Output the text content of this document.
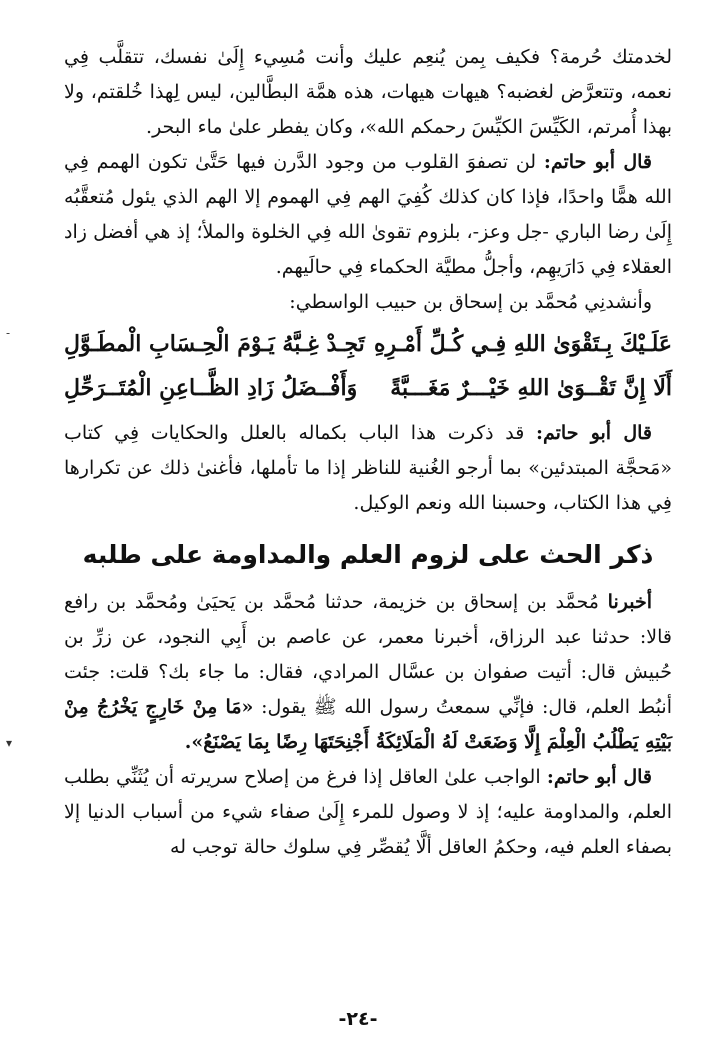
لخدمتك حُرمة؟ فكيف بِمن يُنعِم عليك وأنت مُسِيء إِلَىٰ نفسك، تتقلَّب فِي نعمه، وتتعرَّض لغضبه؟ هيهات هيهات، هذه همَّة البطَّالين، ليس لِهذا خُلقتم، ولا بهذا أُمرتم، الكَيِّسَ الكيِّسَ رحمكم الله»، وكان يفطر علىٰ ماء البحر.

قال أبو حاتم: لن تصفوَ القلوب من وجود الدَّرن فيها حَتَّىٰ تكون الهمم فِي الله همًّا واحدًا، فإذا كان كذلك كُفِيَ الهم فِي الهموم إلا الهم الذي يئول مُتعقَّبُه إِلَىٰ رضا الباري -جل وعز-، بلزوم تقوىٰ الله فِي الخلوة والملأ؛ إذ هي أفضل زاد العقلاء فِي دَارَيهِم، وأجلُّ مطيَّة الحكماء فِي حالَيهم.

وأنشدنِي مُحمَّد بن إسحاق بن حبيب الواسطي:

عَلَـيْكَ بِـتَقْوَىٰ اللهِ فِـي كُـلِّ أَمْـرِهِ
تَجِـدْ غِـبَّهُ يَـوْمَ الْحِـسَابِ الْمطَـوَّلِ
أَلَا إِنَّ تَقْــوَىٰ اللهِ خَيْـــرٌ مَغَـــبَّةً
وَأَفْــضَلُ زَادِ الظَّــاعِنِ الْمُتَــرَحِّلِ

قال أبو حاتم: قد ذكرت هذا الباب بكماله بالعلل والحكايات فِي كتاب «مَحجَّة المبتدئين» بما أرجو الغُنية للناظر إذا ما تأملها، فأغنىٰ ذلك عن تكرارها فِي هذا الكتاب، وحسبنا الله ونعم الوكيل.

ذكر الحث على لزوم العلم والمداومة على طلبه

أخبرنا مُحمَّد بن إسحاق بن خزيمة، حدثنا مُحمَّد بن يَحيَىٰ ومُحمَّد بن رافع قالا: حدثنا عبد الرزاق، أخبرنا معمر، عن عاصم بن أَبِي النجود، عن زرِّ بن حُبيش قال: أتيت صفوان بن عسَّال المرادي، فقال: ما جاء بك؟ قلت: جئت أنبُط العلم، قال: فإنِّي سمعتُ رسول الله ﷺ يقول: «مَا مِنْ خَارِجٍ يَخْرُجُ مِنْ بَيْتِهِ يَطْلُبُ الْعِلْمَ إِلَّا وَضَعَتْ لَهُ الْمَلَائِكَةُ أَجْنِحَتَهَا رِضًا بِمَا يَصْنَعُ».

قال أبو حاتم: الواجب علىٰ العاقل إذا فرغ من إصلاح سريرته أن يُثَنِّي بطلب العلم، والمداومة عليه؛ إذ لا وصول للمرء إِلَىٰ صفاء شيء من أسباب الدنيا إلا بصفاء العلم فيه، وحكمُ العاقل ألَّا يُقصِّر فِي سلوك حالة توجب له

-٢٤-
‑
▾
